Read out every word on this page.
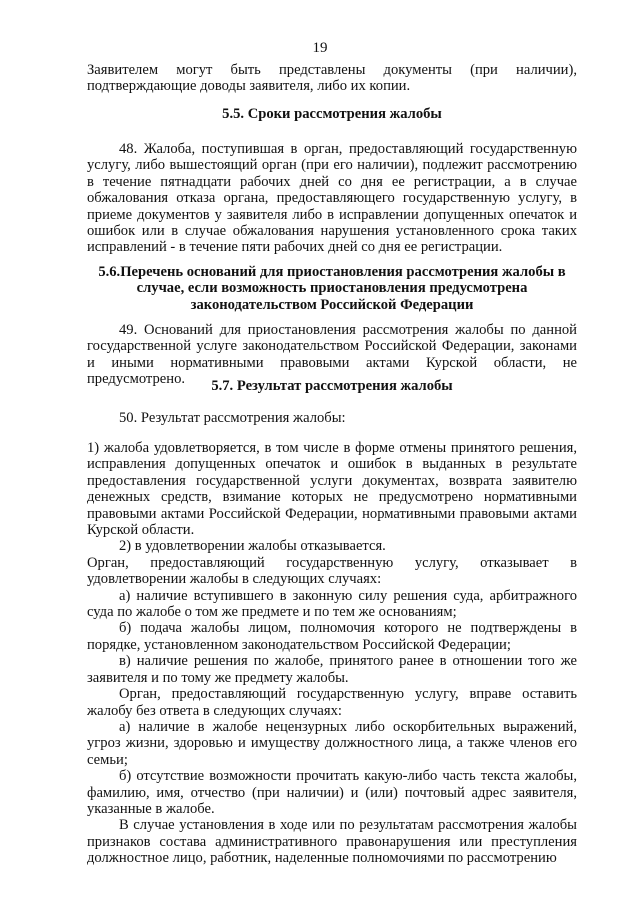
19

Заявителем могут быть представлены документы (при наличии), подтверждающие доводы заявителя, либо их копии.

5.5. Сроки рассмотрения жалобы

48. Жалоба, поступившая в орган, предоставляющий государственную услугу, либо вышестоящий орган (при его наличии), подлежит рассмотрению в течение пятнадцати рабочих дней со дня ее регистрации, а в случае обжалования отказа органа, предоставляющего государственную услугу, в приеме документов у заявителя либо в исправлении допущенных опечаток и ошибок или в случае обжалования нарушения установленного срока таких исправлений - в течение пяти рабочих дней со дня ее регистрации.

5.6.Перечень оснований для приостановления рассмотрения жалобы в случае, если возможность приостановления предусмотрена законодательством Российской Федерации

49. Оснований для приостановления рассмотрения жалобы по данной государственной услуге законодательством Российской Федерации, законами и иными нормативными правовыми актами Курской области, не предусмотрено.	5.7. Результат рассмотрения жалобы

50. Результат рассмотрения жалобы:

1) жалоба удовлетворяется, в том числе в форме отмены принятого решения, исправления допущенных опечаток и ошибок в выданных в результате предоставления государственной услуги документах, возврата заявителю денежных средств, взимание которых не предусмотрено нормативными правовыми актами Российской Федерации, нормативными правовыми актами Курской области.

2) в удовлетворении жалобы отказывается.

Орган, предоставляющий государственную услугу, отказывает в удовлетворении жалобы в следующих случаях:

а) наличие вступившего в законную силу решения суда, арбитражного суда по жалобе о том же предмете и по тем же основаниям;

б) подача жалобы лицом, полномочия которого не подтверждены в порядке, установленном законодательством Российской Федерации;

в) наличие решения по жалобе, принятого ранее в отношении того же заявителя и по тому же предмету жалобы.

Орган, предоставляющий государственную услугу, вправе оставить жалобу без ответа в следующих случаях:

а) наличие в жалобе нецензурных либо оскорбительных выражений, угроз жизни, здоровью и имуществу должностного лица, а также членов его семьи;

б) отсутствие возможности прочитать какую-либо часть текста жалобы, фамилию, имя, отчество (при наличии) и (или) почтовый адрес заявителя, указанные в жалобе.

В случае установления в ходе или по результатам рассмотрения жалобы признаков состава административного правонарушения или преступления должностное лицо, работник, наделенные полномочиями по рассмотрению
